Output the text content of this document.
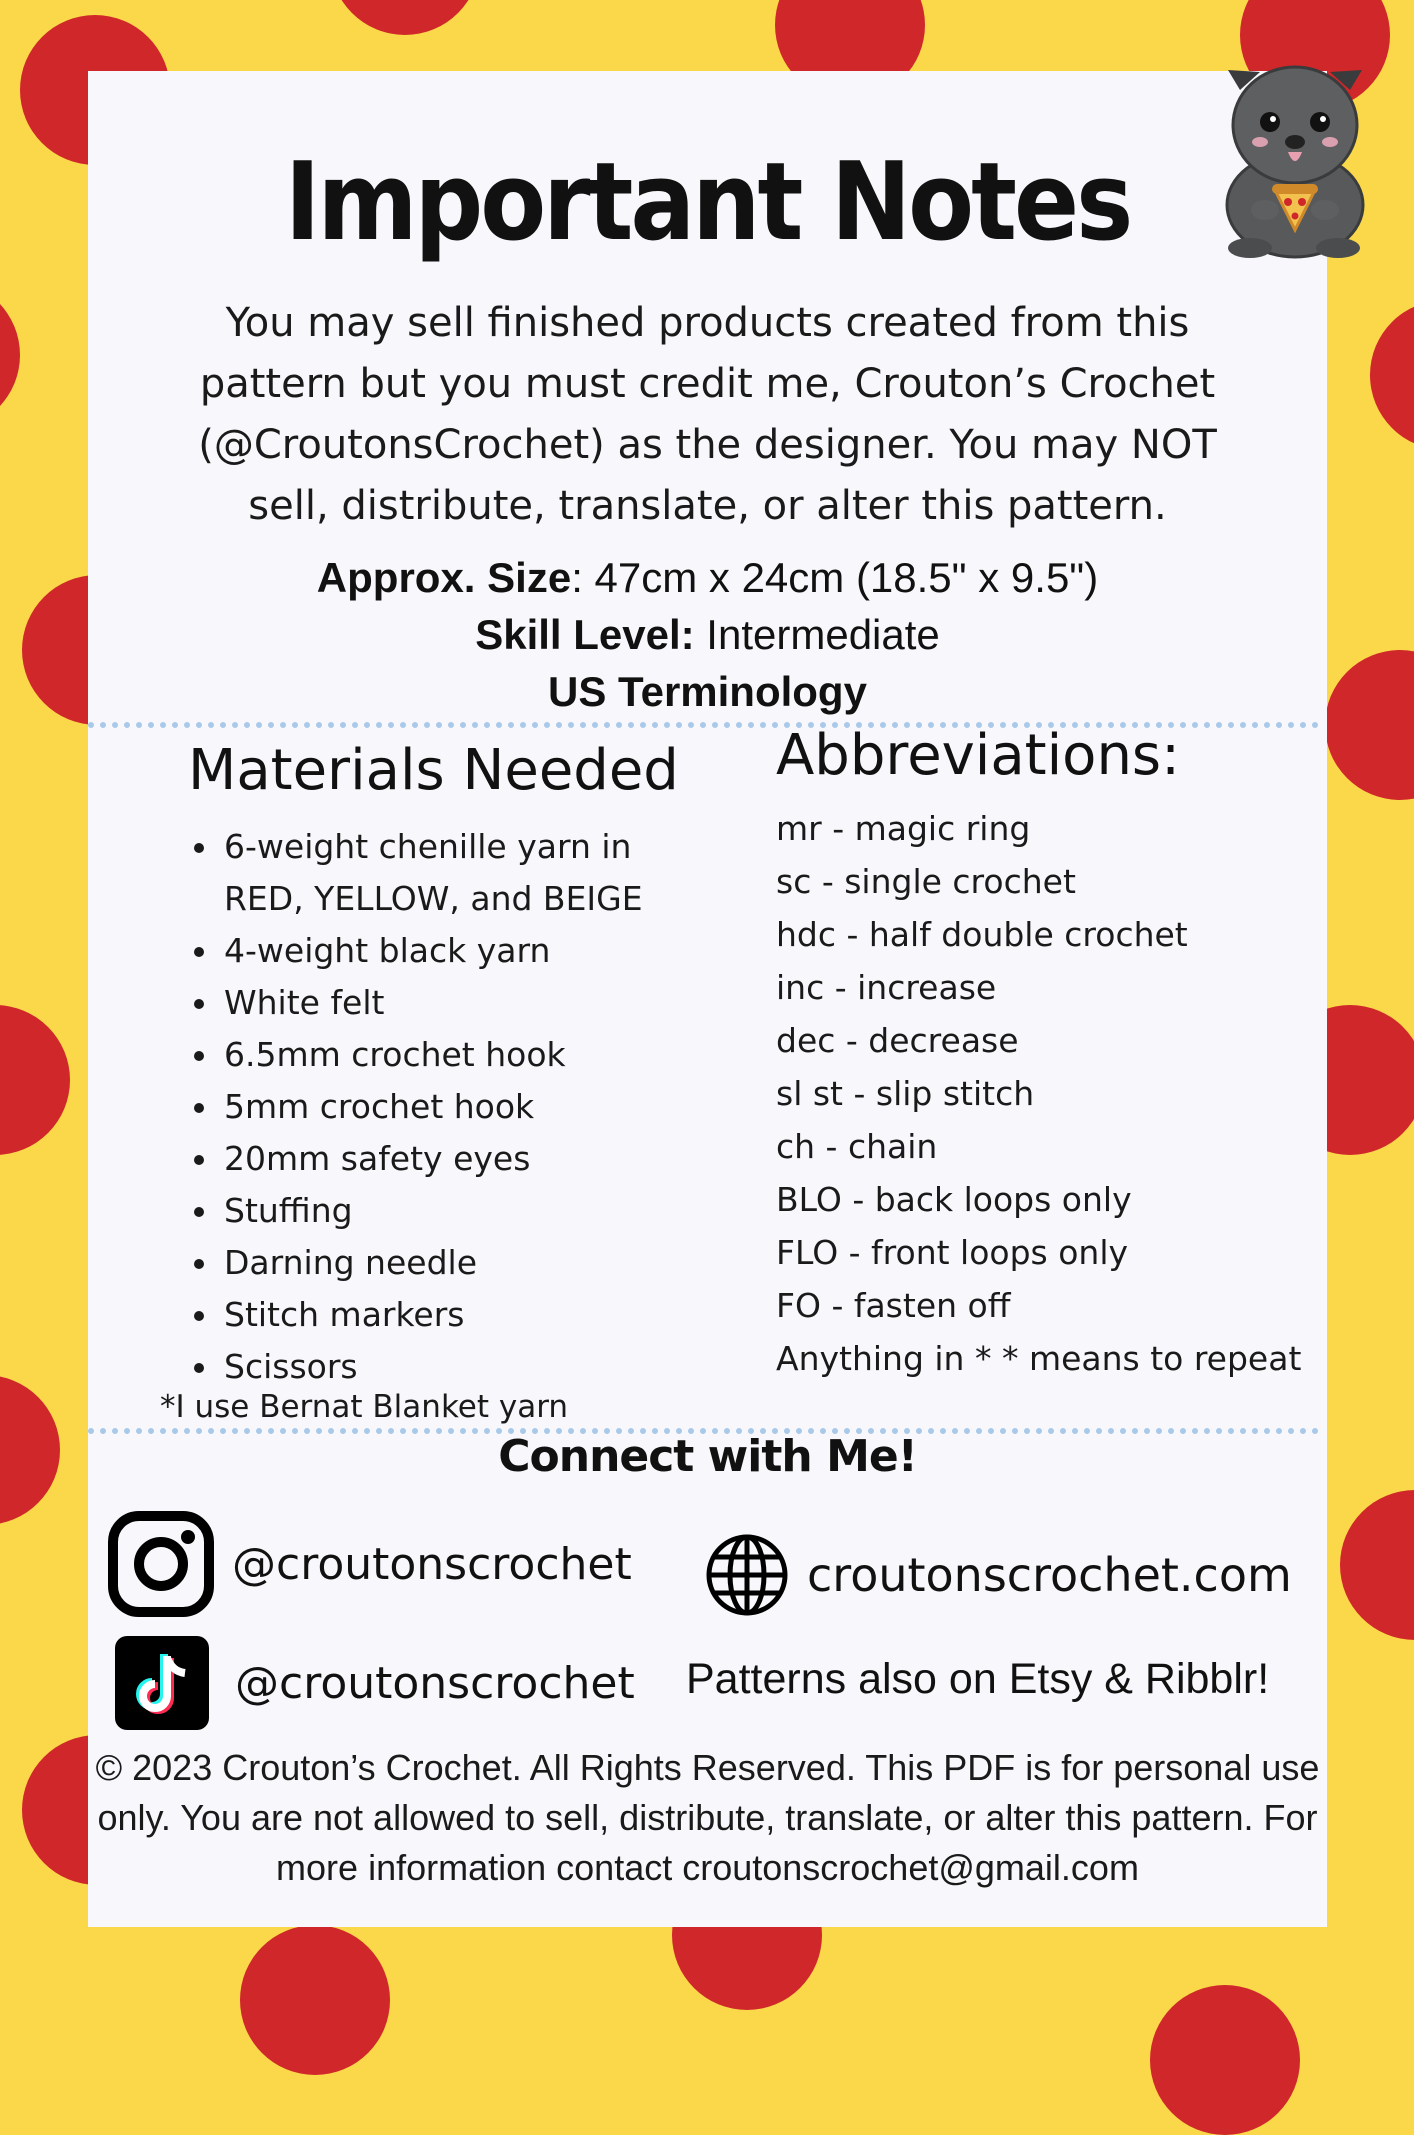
Important Notes
You may sell finished products created from this pattern but you must credit me, Crouton’s Crochet (@CroutonsCrochet) as the designer. You may NOT sell, distribute, translate, or alter this pattern.
Approx. Size: 47cm x 24cm (18.5" x 9.5")
Skill Level: Intermediate
US Terminology
Materials Needed
6-weight chenille yarn in RED, YELLOW, and BEIGE
4-weight black yarn
White felt
6.5mm crochet hook
5mm crochet hook
20mm safety eyes
Stuffing
Darning needle
Stitch markers
Scissors
*I use Bernat Blanket yarn
Abbreviations:
mr - magic ring
sc - single crochet
hdc - half double crochet
inc - increase
dec - decrease
sl st - slip stitch
ch - chain
BLO - back loops only
FLO - front loops only
FO - fasten off
Anything in * * means to repeat
Connect with Me!
@croutonscrochet	croutonscrochet.com
@croutonscrochet Patterns also on Etsy & Ribblr!
© 2023 Crouton’s Crochet. All Rights Reserved. This PDF is for personal use only. You are not allowed to sell, distribute, translate, or alter this pattern. For more information contact croutonscrochet@gmail.com
